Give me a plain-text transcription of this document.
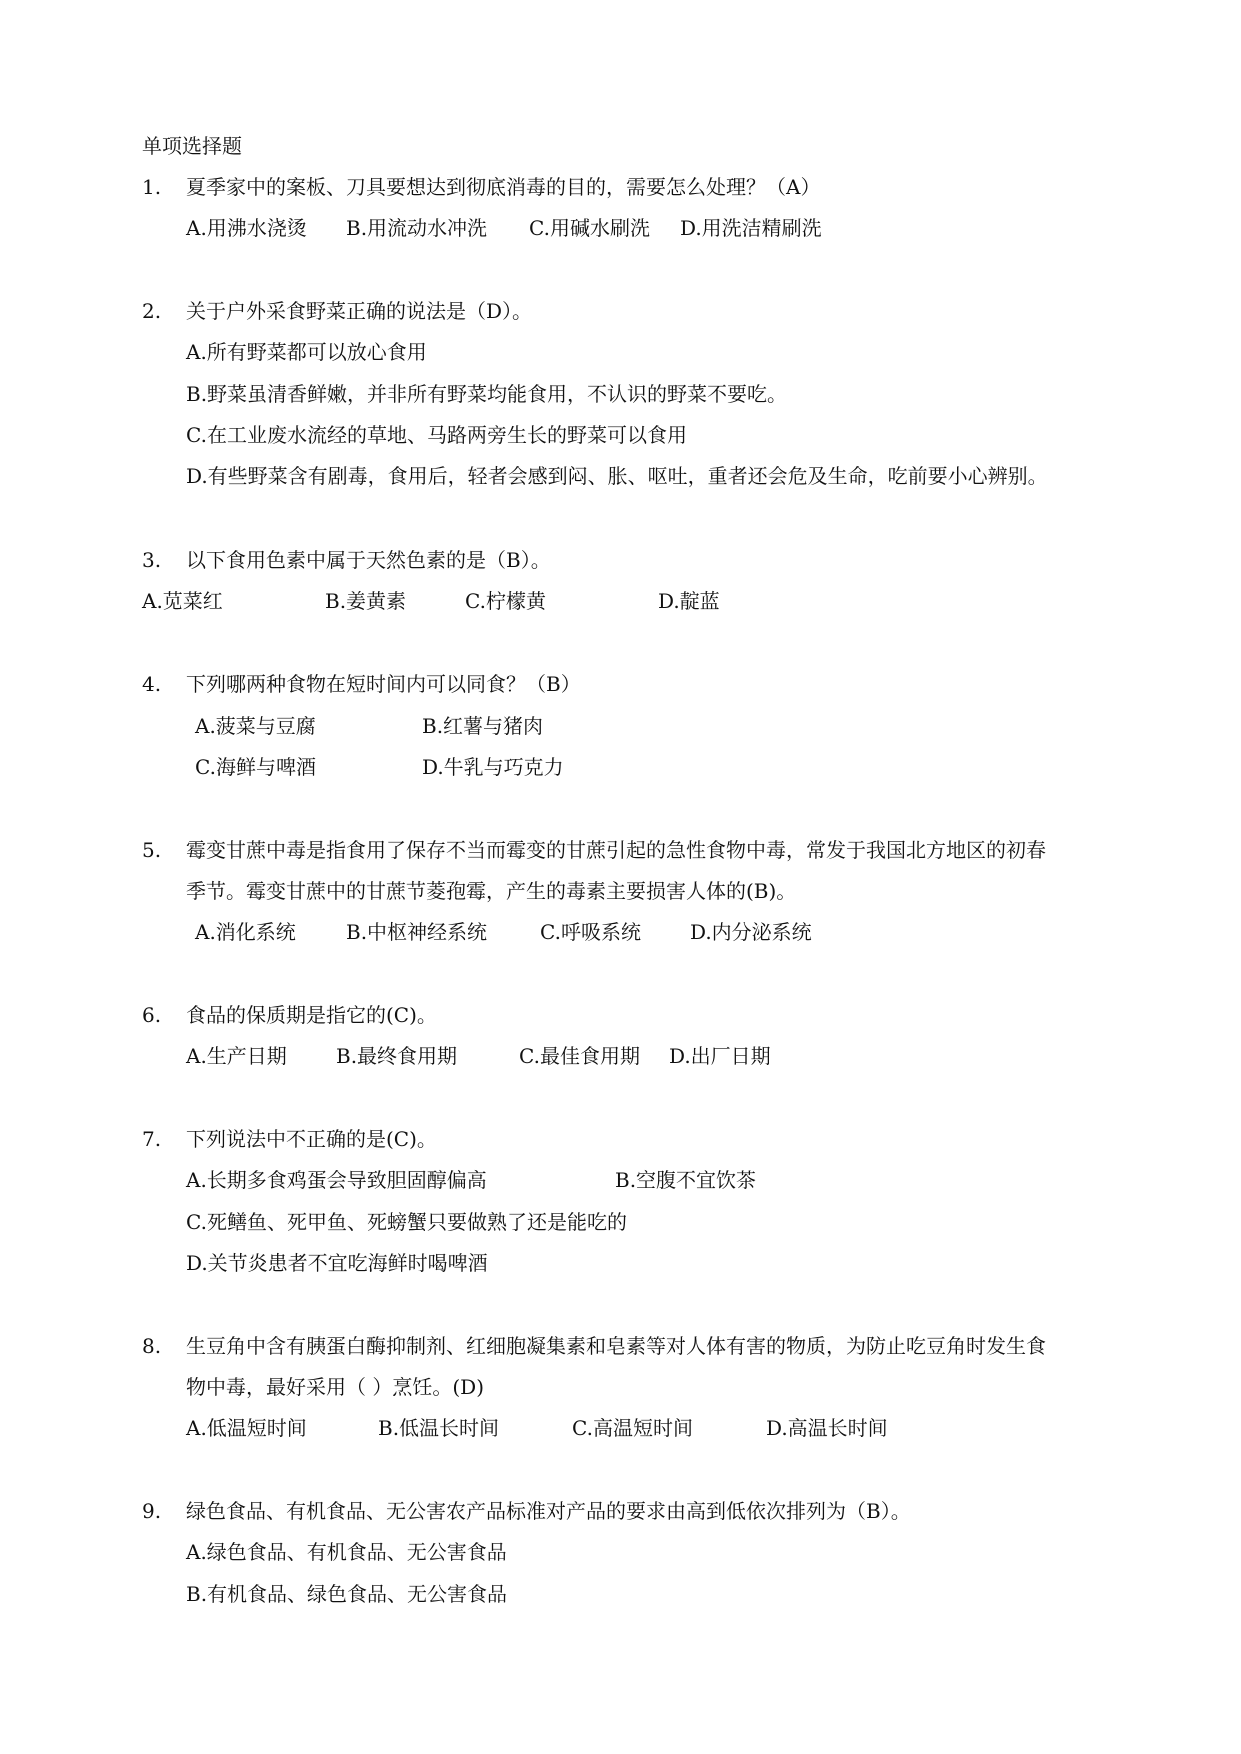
单项选择题
1. 夏季家中的案板、刀具要想达到彻底消毒的目的，需要怎么处理？（A）
A.用沸水浇烫 B.用流动水冲洗 C.用碱水刷洗 D.用洗洁精刷洗
2. 关于户外采食野菜正确的说法是（D）。
A.所有野菜都可以放心食用
B.野菜虽清香鲜嫩，并非所有野菜均能食用，不认识的野菜不要吃。
C.在工业废水流经的草地、马路两旁生长的野菜可以食用
D.有些野菜含有剧毒，食用后，轻者会感到闷、胀、呕吐，重者还会危及生命，吃前要小心辨别。
3. 以下食用色素中属于天然色素的是（B）。
A.苋菜红	B.姜黄素	C.柠檬黄	D.靛蓝
4. 下列哪两种食物在短时间内可以同食？（B）
A.菠菜与豆腐	B.红薯与猪肉
C.海鲜与啤酒	D.牛乳与巧克力
5. 霉变甘蔗中毒是指食用了保存不当而霉变的甘蔗引起的急性食物中毒，常发于我国北方地区的初春
季节。霉变甘蔗中的甘蔗节菱孢霉，产生的毒素主要损害人体的(B)。
A.消化系统	B.中枢神经系统	C.呼吸系统 D.内分泌系统
6. 食品的保质期是指它的(C)。
A.生产日期 B.最终食用期	C.最佳食用期 D.出厂日期
7. 下列说法中不正确的是(C)。
A.长期多食鸡蛋会导致胆固醇偏高	B.空腹不宜饮茶
C.死鳝鱼、死甲鱼、死螃蟹只要做熟了还是能吃的
D.关节炎患者不宜吃海鲜时喝啤酒
8. 生豆角中含有胰蛋白酶抑制剂、红细胞凝集素和皂素等对人体有害的物质，为防止吃豆角时发生食
物中毒，最好采用（ ）烹饪。(D)
A.低温短时间	B.低温长时间	C.高温短时间	D.高温长时间
9. 绿色食品、有机食品、无公害农产品标准对产品的要求由高到低依次排列为（B）。
A.绿色食品、有机食品、无公害食品
B.有机食品、绿色食品、无公害食品
